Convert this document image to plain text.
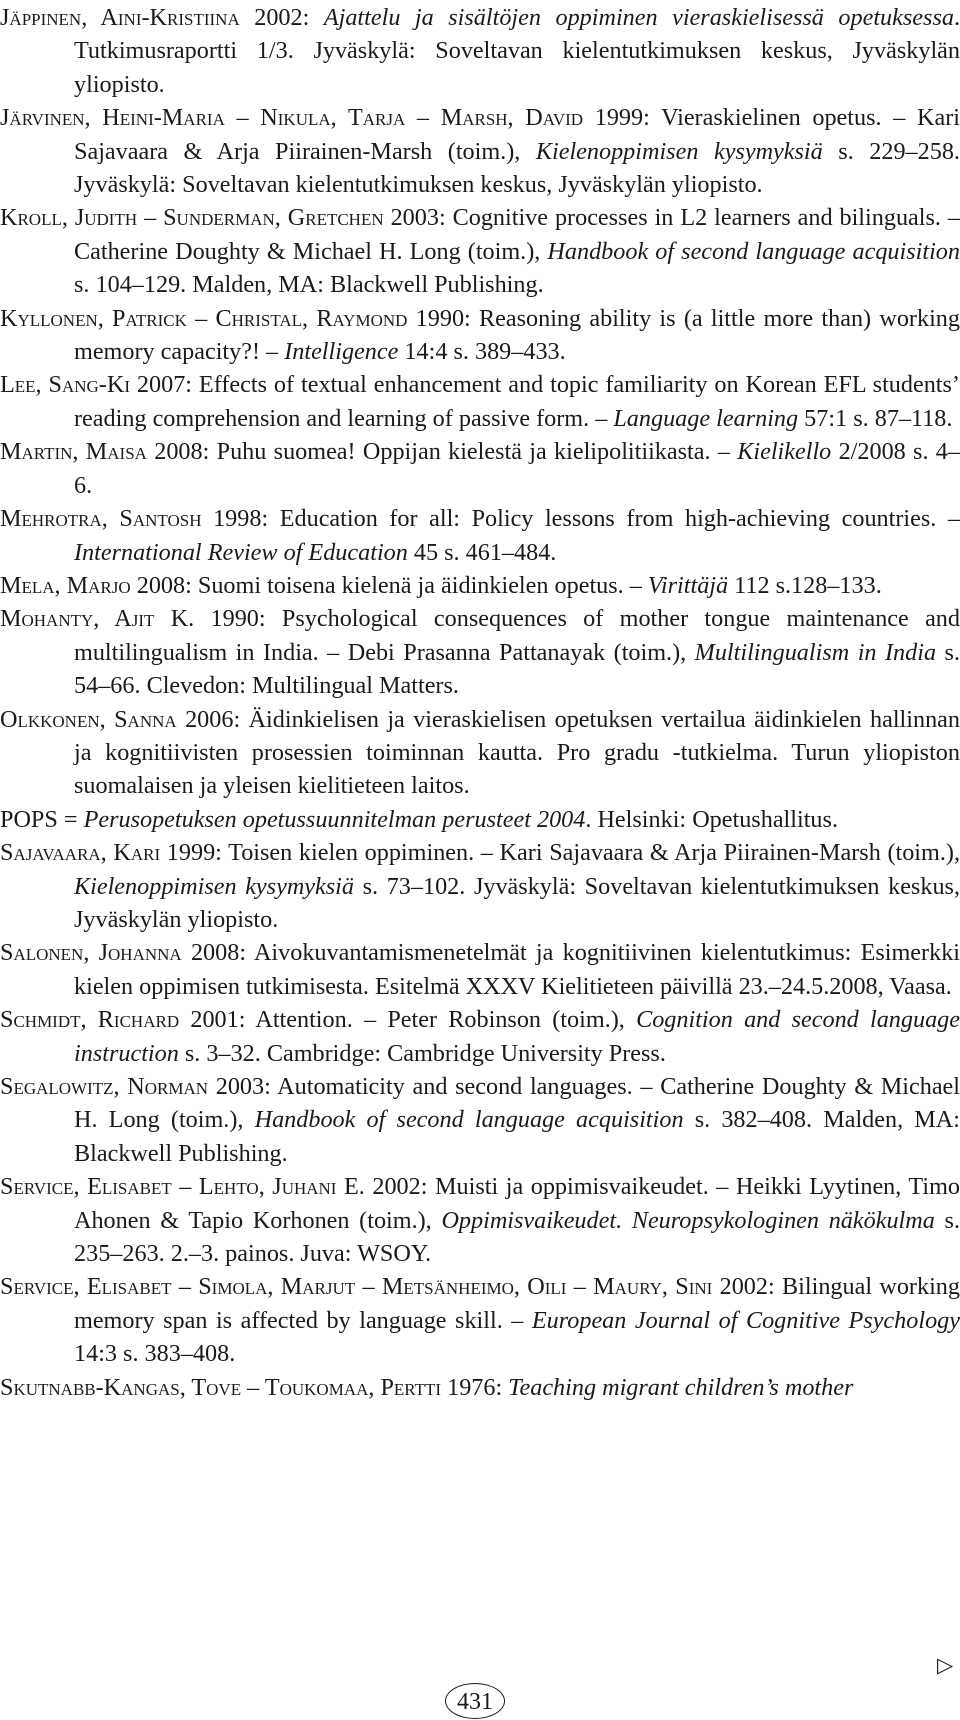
Jäppinen, Aini-Kristiina 2002: Ajattelu ja sisältöjen oppiminen vieraskielisessä opetuksessa. Tutkimusraportti 1/3. Jyväskylä: Soveltavan kielentutkimuksen keskus, Jyväskylän yliopisto.

Järvinen, Heini-Maria – Nikula, Tarja – Marsh, David 1999: Vieraskielinen opetus. – Kari Sajavaara & Arja Piirainen-Marsh (toim.), Kielenoppimisen kysymyksiä s. 229–258. Jyväskylä: Soveltavan kielentutkimuksen keskus, Jyväskylän yliopisto.

Kroll, Judith – Sunderman, Gretchen 2003: Cognitive processes in L2 learners and bilinguals. – Catherine Doughty & Michael H. Long (toim.), Handbook of second language acquisition s. 104–129. Malden, MA: Blackwell Publishing.

Kyllonen, Patrick – Christal, Raymond 1990: Reasoning ability is (a little more than) working memory capacity?! – Intelligence 14:4 s. 389–433.

Lee, Sang-Ki 2007: Effects of textual enhancement and topic familiarity on Korean EFL students’ reading comprehension and learning of passive form. – Language learning 57:1 s. 87–118.

Martin, Maisa 2008: Puhu suomea! Oppijan kielestä ja kielipolitiikasta. – Kielikello 2/2008 s. 4–6.

Mehrotra, Santosh 1998: Education for all: Policy lessons from high-achieving countries. – International Review of Education 45 s. 461–484.

Mela, Marjo 2008: Suomi toisena kielenä ja äidinkielen opetus. – Virittäjä 112 s.128–133.

Mohanty, Ajit K. 1990: Psychological consequences of mother tongue maintenance and multilingualism in India. – Debi Prasanna Pattanayak (toim.), Multilingualism in India s. 54–66. Clevedon: Multilingual Matters.

Olkkonen, Sanna 2006: Äidinkielisen ja vieraskielisen opetuksen vertailua äidinkielen hallinnan ja kognitiivisten prosessien toiminnan kautta. Pro gradu -tutkielma. Turun yliopiston suomalaisen ja yleisen kielitieteen laitos.

POPS = Perusopetuksen opetussuunnitelman perusteet 2004. Helsinki: Opetushallitus.

Sajavaara, Kari 1999: Toisen kielen oppiminen. – Kari Sajavaara & Arja Piirainen-Marsh (toim.), Kielenoppimisen kysymyksiä s. 73–102. Jyväskylä: Soveltavan kielentutkimuksen keskus, Jyväskylän yliopisto.

Salonen, Johanna 2008: Aivokuvantamismenetelmät ja kognitiivinen kielentutkimus: Esimerkki kielen oppimisen tutkimisesta. Esitelmä XXXV Kielitieteen päivillä 23.–24.5.2008, Vaasa.

Schmidt, Richard 2001: Attention. – Peter Robinson (toim.), Cognition and second language instruction s. 3–32. Cambridge: Cambridge University Press.

Segalowitz, Norman 2003: Automaticity and second languages. – Catherine Doughty & Michael H. Long (toim.), Handbook of second language acquisition s. 382–408. Malden, MA: Blackwell Publishing.

Service, Elisabet – Lehto, Juhani E. 2002: Muisti ja oppimisvaikeudet. – Heikki Lyytinen, Timo Ahonen & Tapio Korhonen (toim.), Oppimisvaikeudet. Neuropsykologinen näkökulma s. 235–263. 2.–3. painos. Juva: WSOY.

Service, Elisabet – Simola, Marjut – Metsänheimo, Oili – Maury, Sini 2002: Bilingual working memory span is affected by language skill. – European Journal of Cognitive Psychology 14:3 s. 383–408.

Skutnabb-Kangas, Tove – Toukomaa, Pertti 1976: Teaching migrant children’s mother

▷
431
